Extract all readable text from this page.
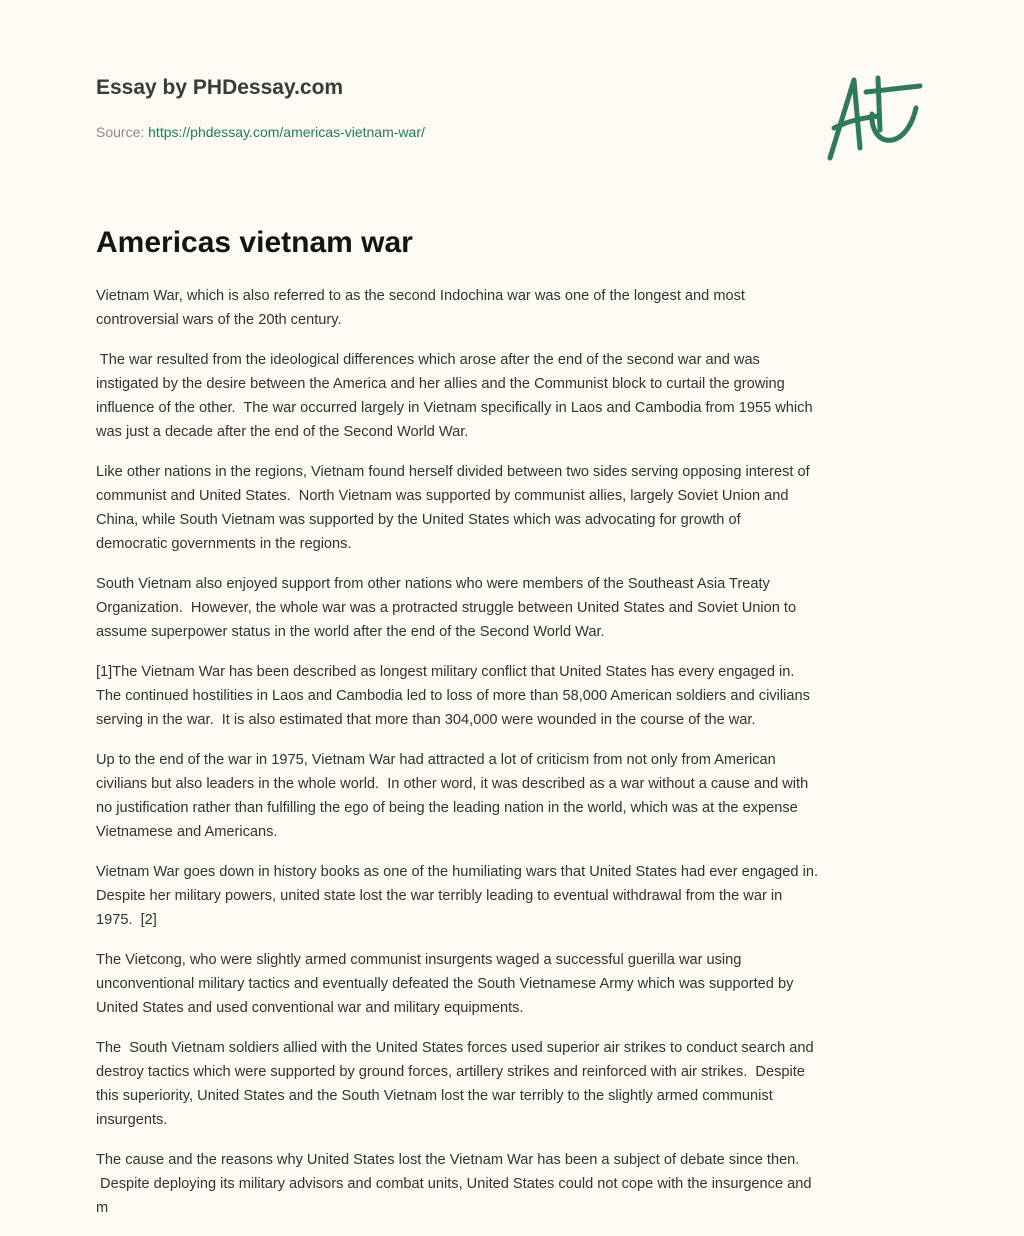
Essay by PHDessay.com
Source: https://phdessay.com/americas-vietnam-war/
Americas vietnam war

Vietnam War, which is also referred to as the second Indochina war was one of the longest and most
controversial wars of the 20th century.

The war resulted from the ideological differences which arose after the end of the second war and was
instigated by the desire between the America and her allies and the Communist block to curtail the growing
influence of the other.  The war occurred largely in Vietnam specifically in Laos and Cambodia from 1955 which
was just a decade after the end of the Second World War.

Like other nations in the regions, Vietnam found herself divided between two sides serving opposing interest of
communist and United States.  North Vietnam was supported by communist allies, largely Soviet Union and
China, while South Vietnam was supported by the United States which was advocating for growth of
democratic governments in the regions.

South Vietnam also enjoyed support from other nations who were members of the Southeast Asia Treaty
Organization.  However, the whole war was a protracted struggle between United States and Soviet Union to
assume superpower status in the world after the end of the Second World War.

[1]The Vietnam War has been described as longest military conflict that United States has every engaged in.
The continued hostilities in Laos and Cambodia led to loss of more than 58,000 American soldiers and civilians
serving in the war.  It is also estimated that more than 304,000 were wounded in the course of the war.

Up to the end of the war in 1975, Vietnam War had attracted a lot of criticism from not only from American
civilians but also leaders in the whole world.  In other word, it was described as a war without a cause and with
no justification rather than fulfilling the ego of being the leading nation in the world, which was at the expense
Vietnamese and Americans.

Vietnam War goes down in history books as one of the humiliating wars that United States had ever engaged in.
Despite her military powers, united state lost the war terribly leading to eventual withdrawal from the war in
1975.  [2]

The Vietcong, who were slightly armed communist insurgents waged a successful guerilla war using
unconventional military tactics and eventually defeated the South Vietnamese Army which was supported by
United States and used conventional war and military equipments.

The  South Vietnam soldiers allied with the United States forces used superior air strikes to conduct search and
destroy tactics which were supported by ground forces, artillery strikes and reinforced with air strikes.  Despite
this superiority, United States and the South Vietnam lost the war terribly to the slightly armed communist
insurgents.

The cause and the reasons why United States lost the Vietnam War has been a subject of debate since then.
Despite deploying its military advisors and combat units, United States could not cope with the insurgence and
m
